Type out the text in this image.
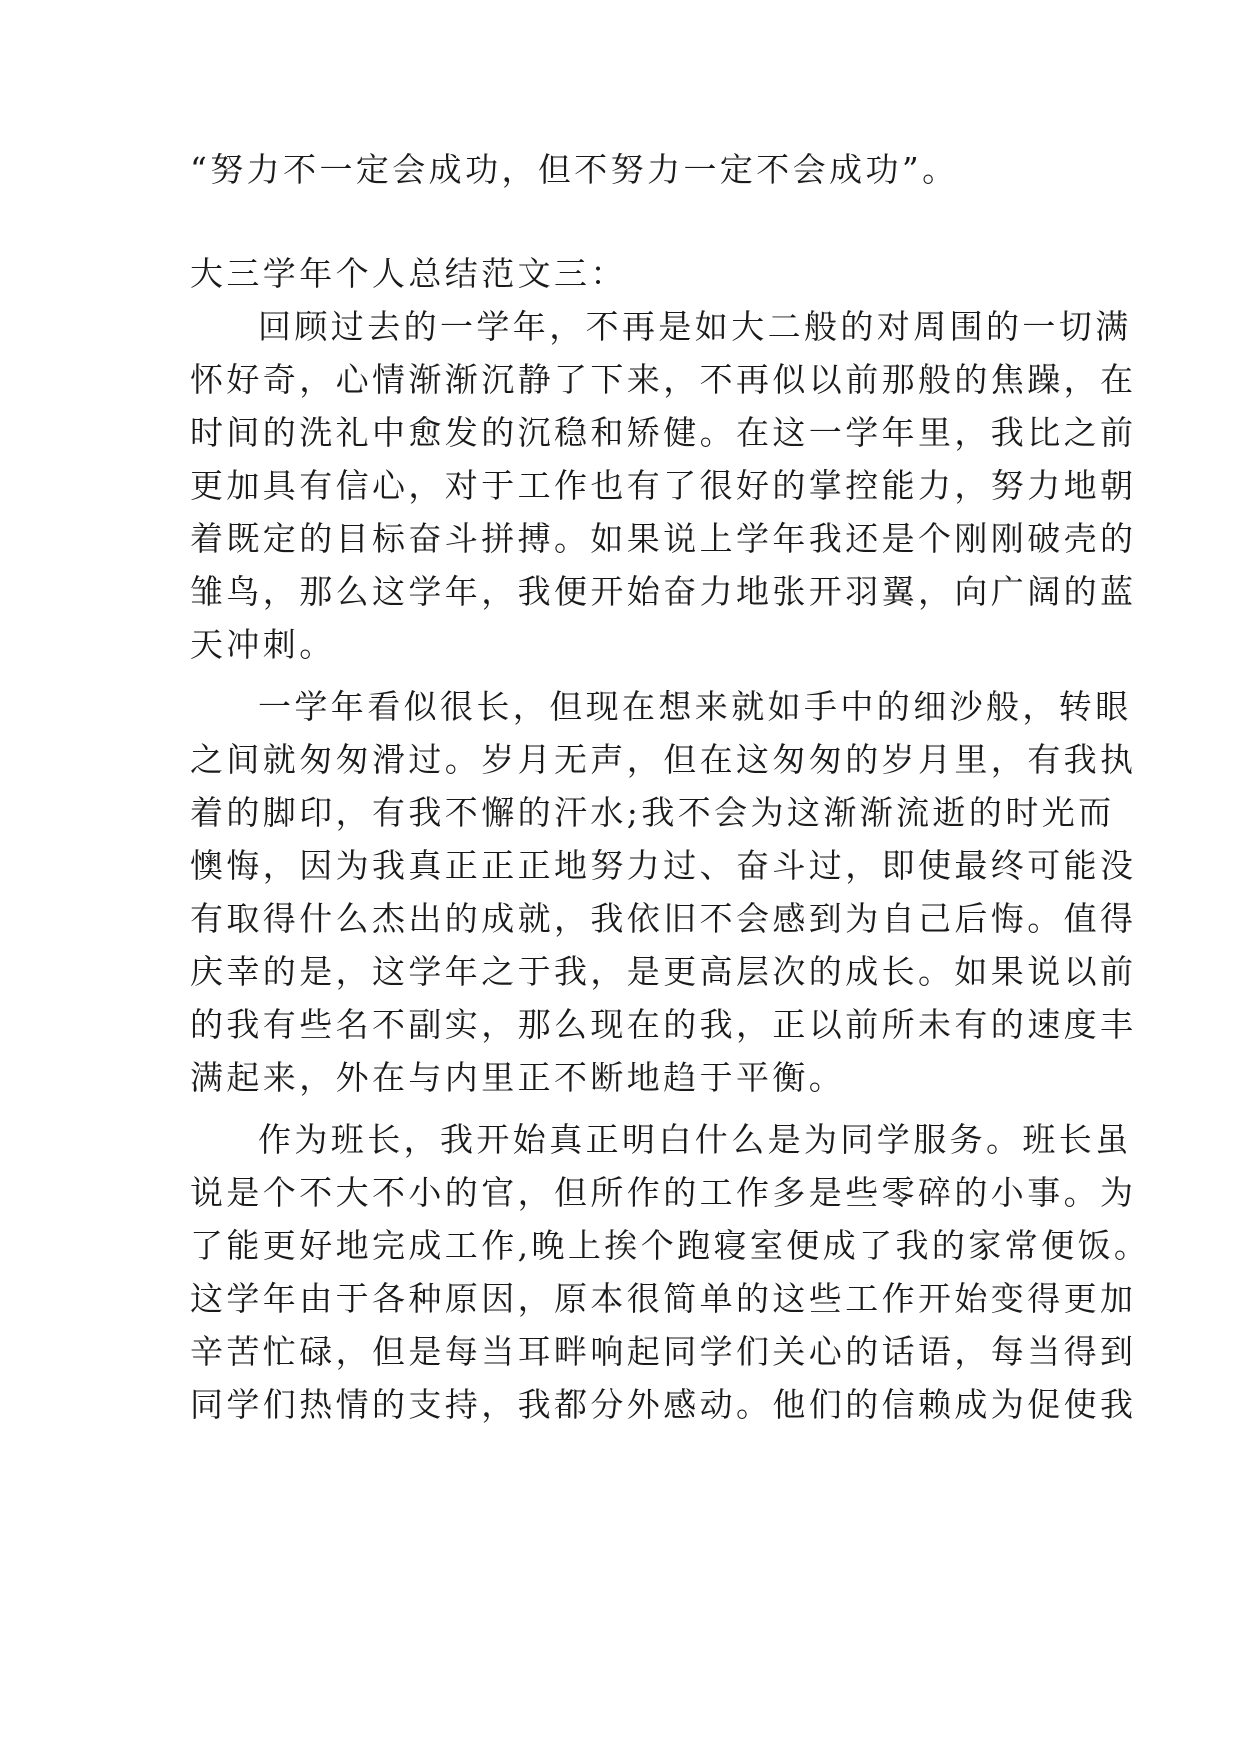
“努力不一定会成功，但不努力一定不会成功”。

大三学年个人总结范文三：

回顾过去的一学年，不再是如大二般的对周围的一切满

怀好奇，心情渐渐沉静了下来，不再似以前那般的焦躁，在

时间的洗礼中愈发的沉稳和矫健。在这一学年里，我比之前

更加具有信心，对于工作也有了很好的掌控能力，努力地朝

着既定的目标奋斗拼搏。如果说上学年我还是个刚刚破壳的

雏鸟，那么这学年，我便开始奋力地张开羽翼，向广阔的蓝

天冲刺。

一学年看似很长，但现在想来就如手中的细沙般，转眼

之间就匆匆滑过。岁月无声，但在这匆匆的岁月里，有我执

着的脚印，有我不懈的汗水;我不会为这渐渐流逝的时光而

懊悔，因为我真正正正地努力过、奋斗过，即使最终可能没

有取得什么杰出的成就，我依旧不会感到为自己后悔。值得

庆幸的是，这学年之于我，是更高层次的成长。如果说以前

的我有些名不副实，那么现在的我，正以前所未有的速度丰

满起来，外在与内里正不断地趋于平衡。

作为班长，我开始真正明白什么是为同学服务。班长虽

说是个不大不小的官，但所作的工作多是些零碎的小事。为

了能更好地完成工作,晚上挨个跑寝室便成了我的家常便饭。

这学年由于各种原因，原本很简单的这些工作开始变得更加

辛苦忙碌，但是每当耳畔响起同学们关心的话语，每当得到

同学们热情的支持，我都分外感动。他们的信赖成为促使我
